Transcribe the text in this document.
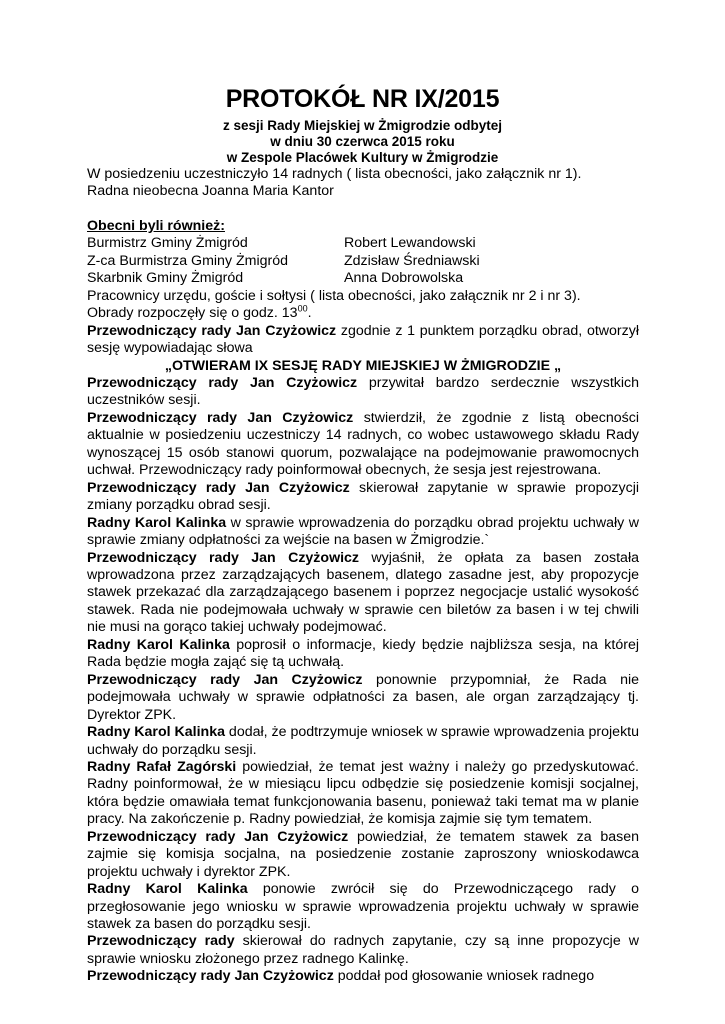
PROTOKÓŁ NR IX/2015
z sesji Rady Miejskiej w Żmigrodzie odbytej
w dniu 30 czerwca 2015 roku
w Zespole Placówek Kultury w Żmigrodzie

W posiedzeniu uczestniczyło 14 radnych ( lista obecności, jako załącznik nr 1).

Radna nieobecna Joanna Maria Kantor

Obecni byli również:

Burmistrz Gminy Żmigród	Robert Lewandowski
Z-ca Burmistrza Gminy Żmigród	Zdzisław Średniawski
Skarbnik Gminy Żmigród	Anna Dobrowolska

Pracownicy urzędu, goście i sołtysi ( lista obecności, jako załącznik nr 2 i nr 3).

Obrady rozpoczęły się o godz. $13^{00}$.

Przewodniczący rady Jan Czyżowicz zgodnie z 1 punktem porządku obrad, otworzył sesję wypowiadając słowa

„OTWIERAM IX SESJĘ RADY MIEJSKIEJ W ŻMIGRODZIE „

Przewodniczący rady Jan Czyżowicz przywitał bardzo serdecznie wszystkich uczestników sesji.

Przewodniczący rady Jan Czyżowicz stwierdził, że zgodnie z listą obecności aktualnie w posiedzeniu uczestniczy 14 radnych, co wobec ustawowego składu Rady wynoszącej 15 osób stanowi quorum, pozwalające na podejmowanie prawomocnych uchwał. Przewodniczący rady poinformował obecnych, że sesja jest rejestrowana.

Przewodniczący rady Jan Czyżowicz skierował zapytanie w sprawie propozycji zmiany porządku obrad sesji.

Radny Karol Kalinka w sprawie wprowadzenia do porządku obrad projektu uchwały w sprawie zmiany odpłatności za wejście na basen w Żmigrodzie.`

Przewodniczący rady Jan Czyżowicz wyjaśnił, że opłata za basen została wprowadzona przez zarządzających basenem, dlatego zasadne jest, aby propozycje stawek przekazać dla zarządzającego basenem i poprzez negocjacje ustalić wysokość stawek. Rada nie podejmowała uchwały w sprawie cen biletów za basen i w tej chwili nie musi na gorąco takiej uchwały podejmować.

Radny Karol Kalinka poprosił o informacje, kiedy będzie najbliższa sesja, na której Rada będzie mogła zająć się tą uchwałą.

Przewodniczący rady Jan Czyżowicz ponownie przypomniał, że Rada nie podejmowała uchwały w sprawie odpłatności za basen, ale organ zarządzający tj. Dyrektor ZPK.

Radny Karol Kalinka dodał, że podtrzymuje wniosek w sprawie wprowadzenia projektu uchwały do porządku sesji.

Radny Rafał Zagórski powiedział, że temat jest ważny i należy go przedyskutować. Radny poinformował, że w miesiącu lipcu odbędzie się posiedzenie komisji socjalnej, która będzie omawiała temat funkcjonowania basenu, ponieważ taki temat ma w planie pracy. Na zakończenie p. Radny powiedział, że komisja zajmie się tym tematem.

Przewodniczący rady Jan Czyżowicz powiedział, że tematem stawek za basen zajmie się komisja socjalna, na posiedzenie zostanie zaproszony wnioskodawca projektu uchwały i dyrektor ZPK.

Radny Karol Kalinka ponowie zwrócił się do Przewodniczącego rady o przegłosowanie jego wniosku w sprawie wprowadzenia projektu uchwały w sprawie stawek za basen do porządku sesji.

Przewodniczący rady skierował do radnych zapytanie, czy są inne propozycje w sprawie wniosku złożonego przez radnego Kalinkę.

Przewodniczący rady Jan Czyżowicz poddał pod głosowanie wniosek radnego
